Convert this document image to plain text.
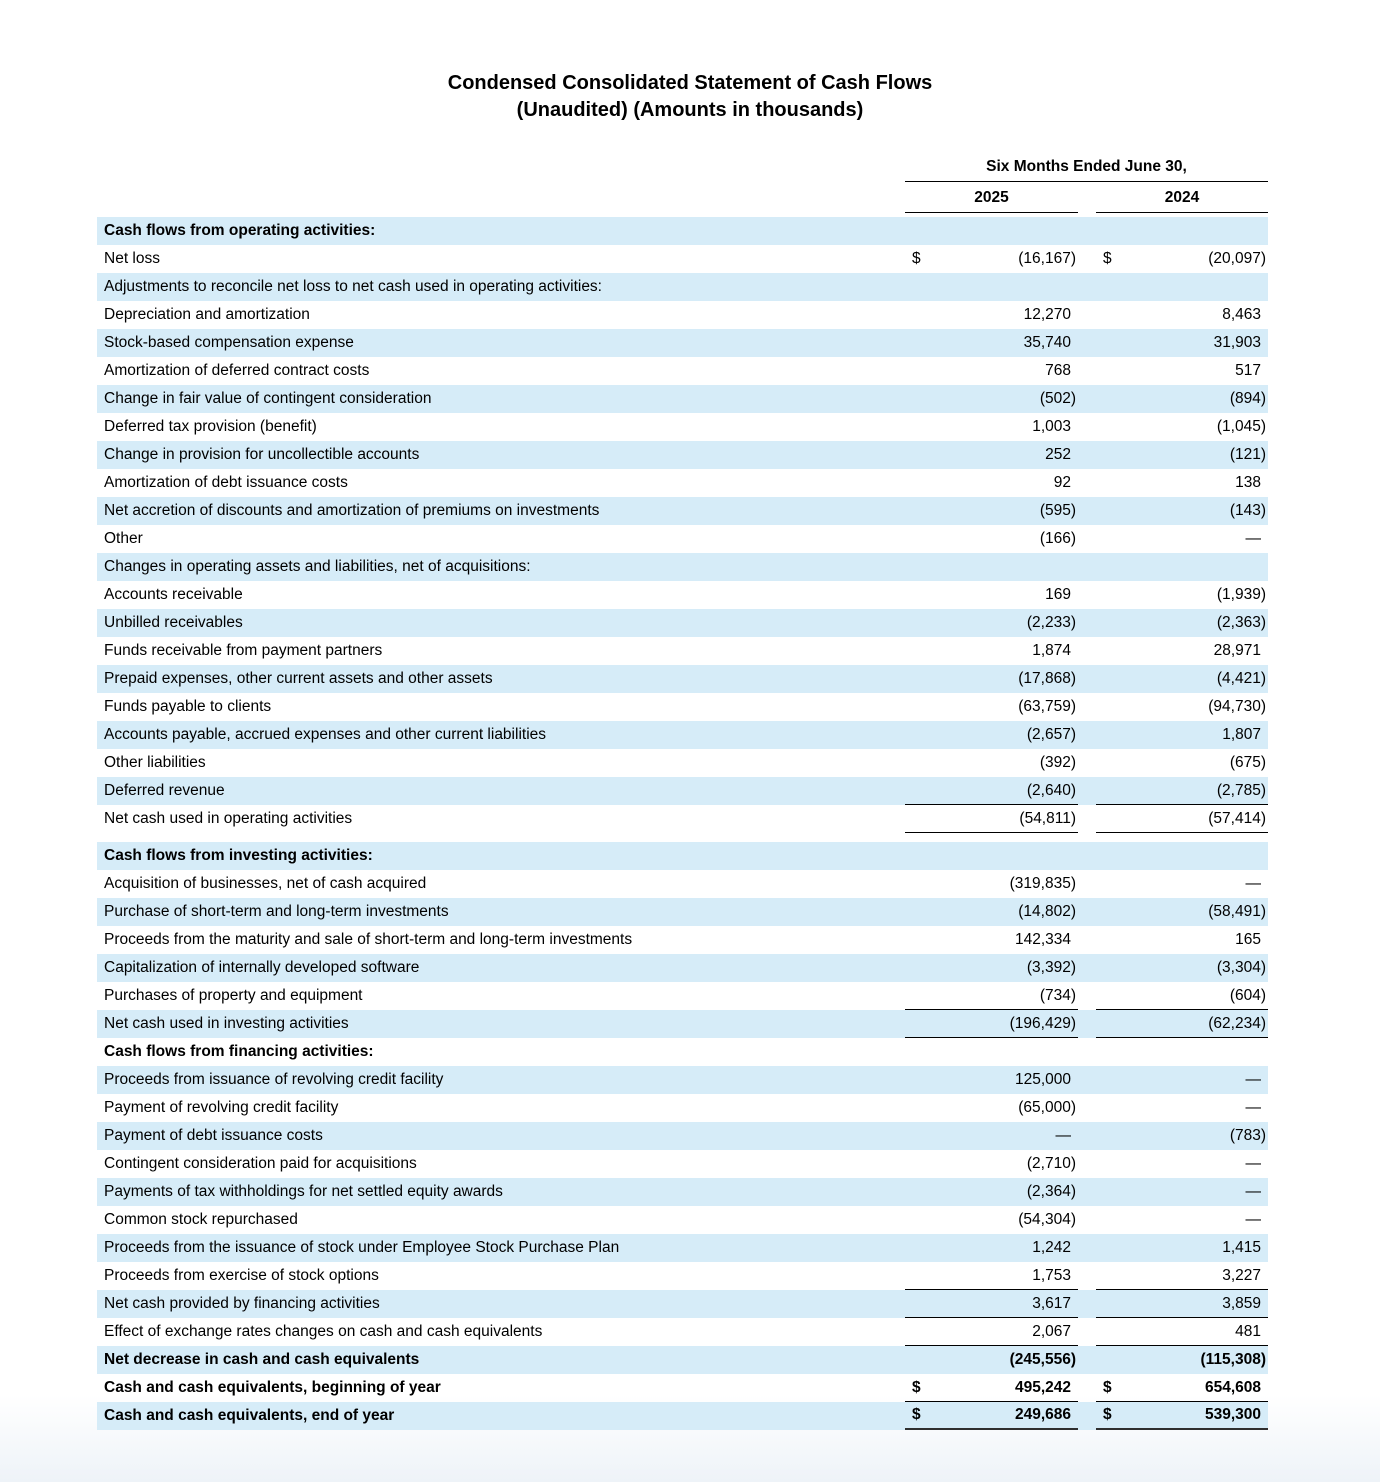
Condensed Consolidated Statement of Cash Flows
(Unaudited) (Amounts in thousands)
Six Months Ended June 30,
2025	2024
Cash flows from operating activities:
Net loss	$	(16,167) $	(20,097)
Adjustments to reconcile net loss to net cash used in operating activities:
Depreciation and amortization	12,270	8,463
Stock-based compensation expense	35,740	31,903
Amortization of deferred contract costs	768	517
Change in fair value of contingent consideration	(502)	(894)
Deferred tax provision (benefit)	1,003	(1,045)
Change in provision for uncollectible accounts	252	(121)
Amortization of debt issuance costs	92	138
Net accretion of discounts and amortization of premiums on investments	(595)	(143)
Other	(166)	—
Changes in operating assets and liabilities, net of acquisitions:
Accounts receivable	169	(1,939)
Unbilled receivables	(2,233)	(2,363)
Funds receivable from payment partners	1,874	28,971
Prepaid expenses, other current assets and other assets	(17,868)	(4,421)
Funds payable to clients	(63,759)	(94,730)
Accounts payable, accrued expenses and other current liabilities	(2,657)	1,807
Other liabilities	(392)	(675)
Deferred revenue	(2,640)	(2,785)
Net cash used in operating activities	(54,811)	(57,414)
Cash flows from investing activities:
Acquisition of businesses, net of cash acquired	(319,835)	—
Purchase of short-term and long-term investments	(14,802)	(58,491)
Proceeds from the maturity and sale of short-term and long-term investments	142,334	165
Capitalization of internally developed software	(3,392)	(3,304)
Purchases of property and equipment	(734)	(604)
Net cash used in investing activities	(196,429)	(62,234)
Cash flows from financing activities:
Proceeds from issuance of revolving credit facility	125,000	—
Payment of revolving credit facility	(65,000)	—
Payment of debt issuance costs	—	(783)
Contingent consideration paid for acquisitions	(2,710)	—
Payments of tax withholdings for net settled equity awards	(2,364)	—
Common stock repurchased	(54,304)	—
Proceeds from the issuance of stock under Employee Stock Purchase Plan	1,242	1,415
Proceeds from exercise of stock options	1,753	3,227
Net cash provided by financing activities	3,617	3,859
Effect of exchange rates changes on cash and cash equivalents	2,067	481
Net decrease in cash and cash equivalents	(245,556)	(115,308)
Cash and cash equivalents, beginning of year	$	495,242	$	654,608
Cash and cash equivalents, end of year	$	249,686	$	539,300
